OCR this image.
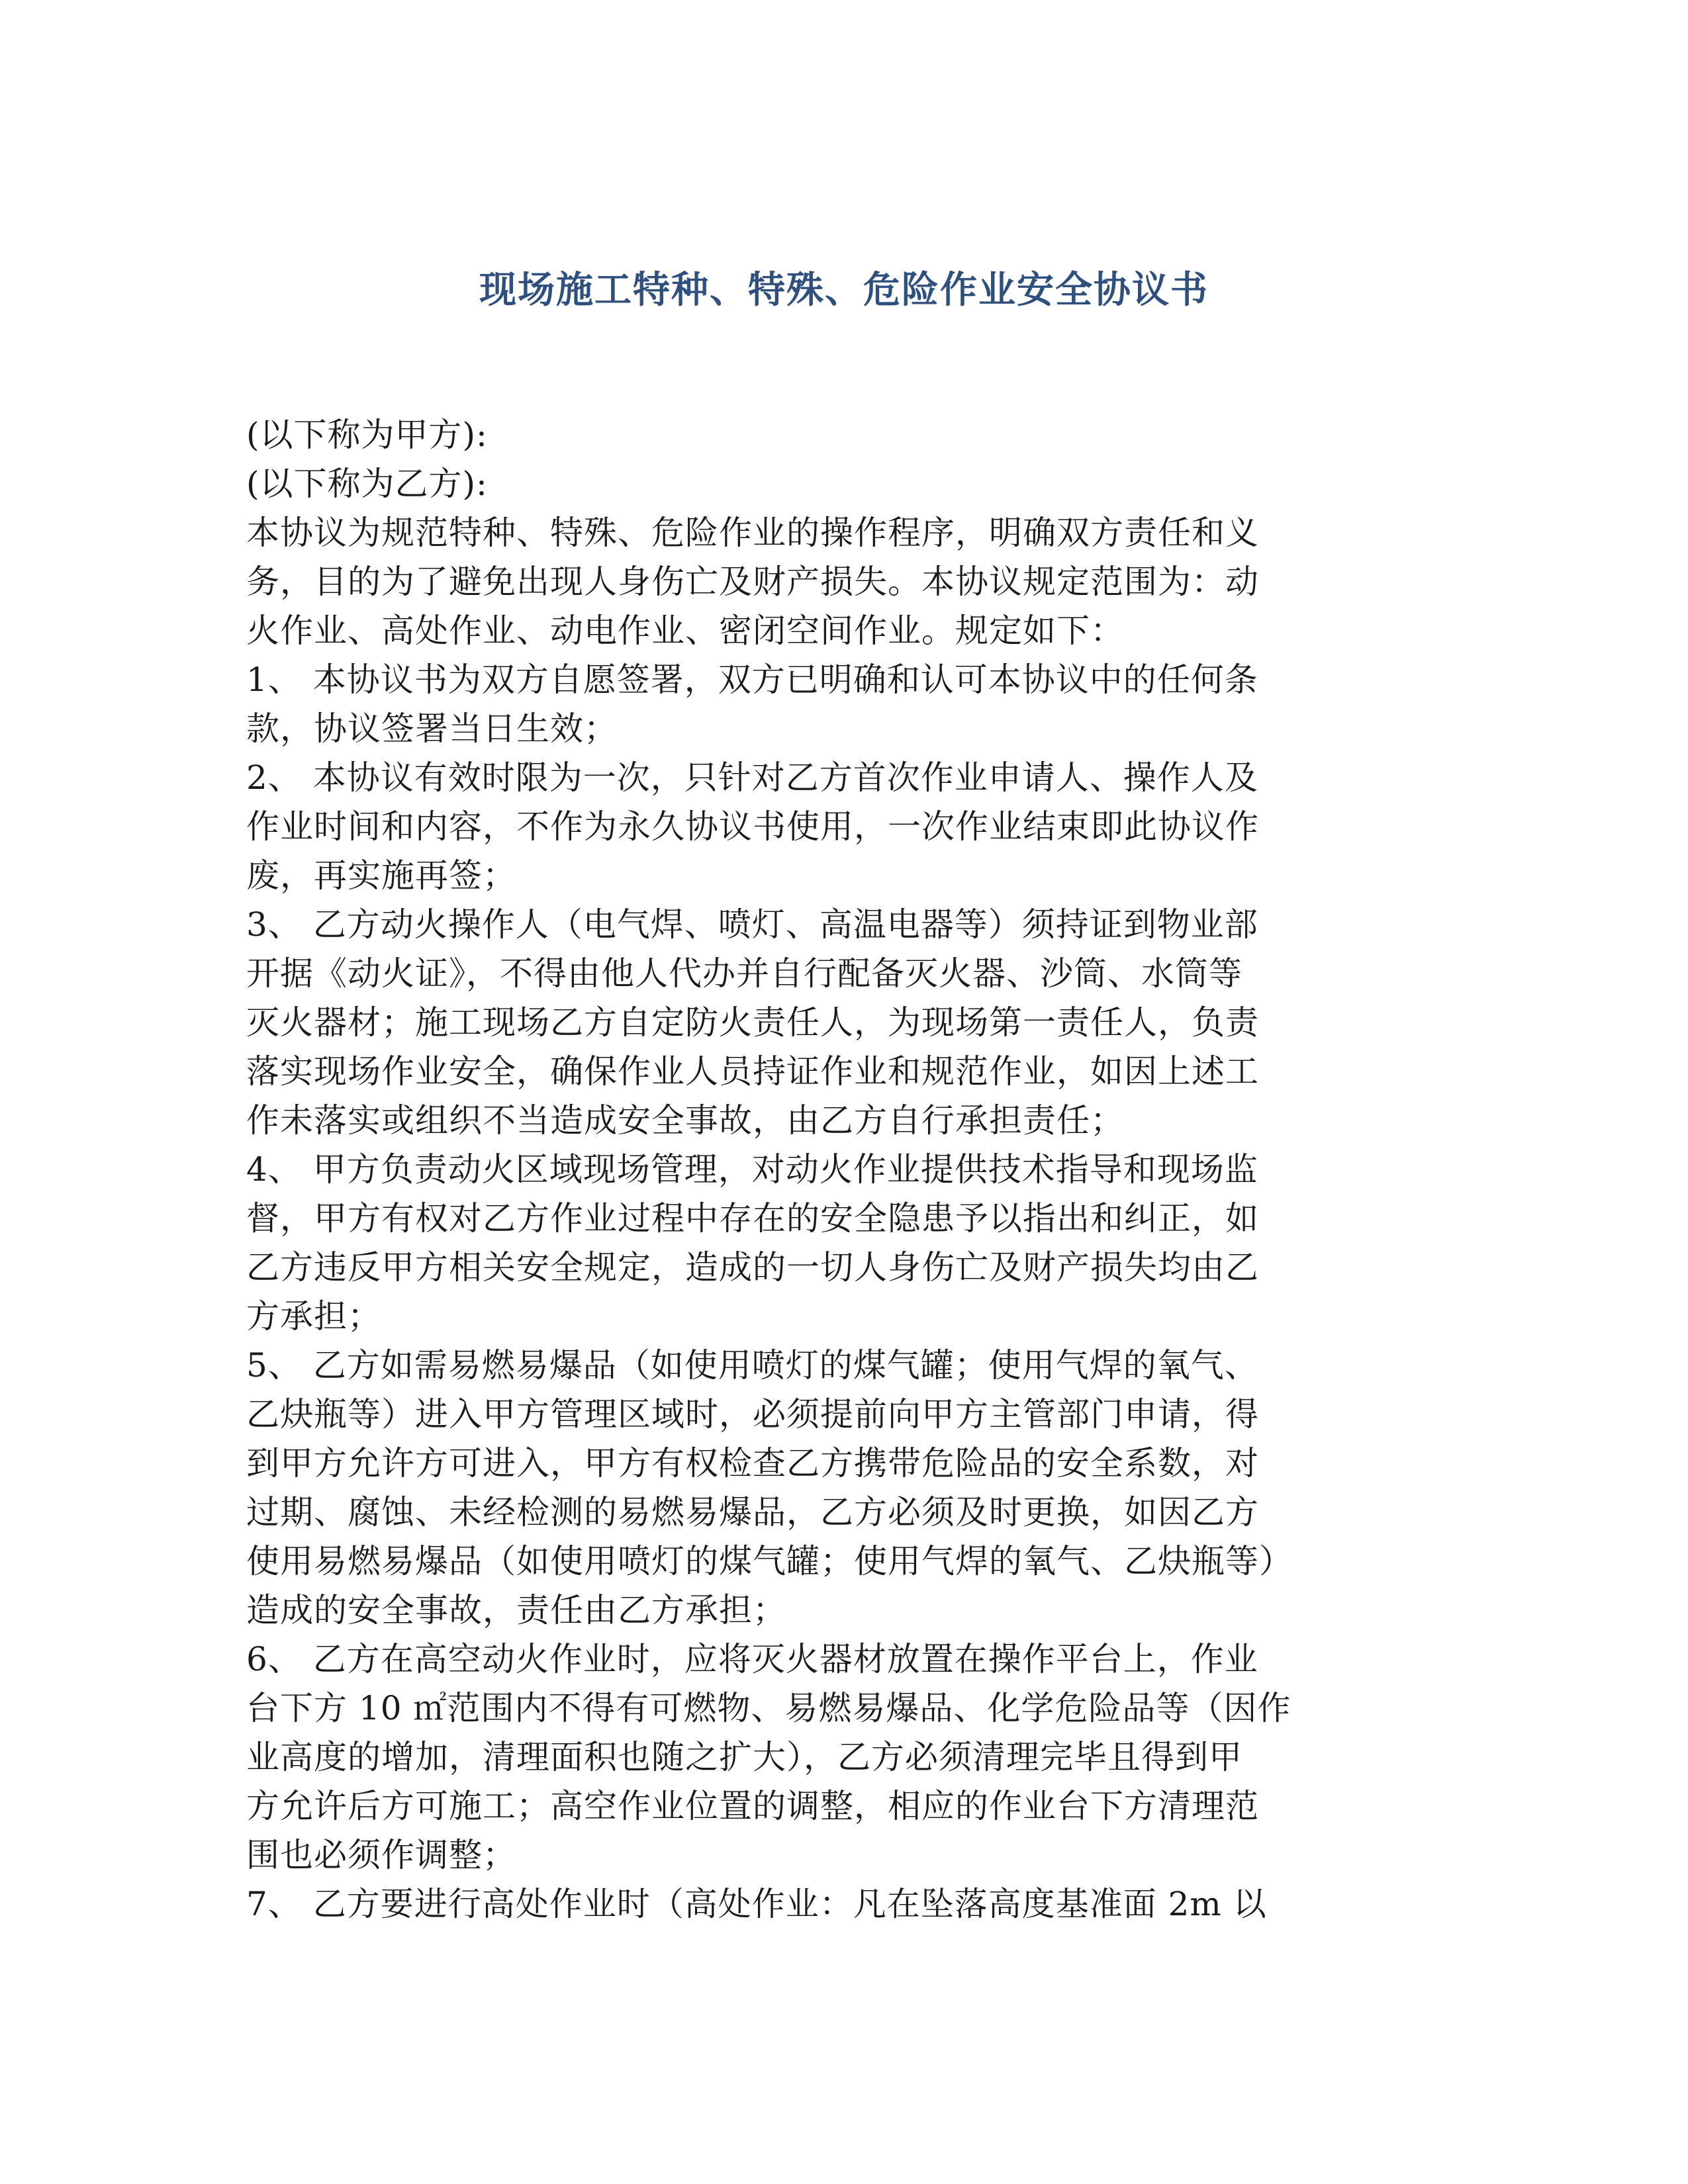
现场施工特种、特殊、危险作业安全协议书
(以下称为甲方):
(以下称为乙方):
本协议为规范特种、特殊、危险作业的操作程序，明确双方责任和义
务，目的为了避免出现人身伤亡及财产损失。本协议规定范围为：动
火作业、高处作业、动电作业、密闭空间作业。规定如下：
1、 本协议书为双方自愿签署，双方已明确和认可本协议中的任何条
款，协议签署当日生效；
2、 本协议有效时限为一次，只针对乙方首次作业申请人、操作人及
作业时间和内容，不作为永久协议书使用，一次作业结束即此协议作
废，再实施再签；
3、 乙方动火操作人（电气焊、喷灯、高温电器等）须持证到物业部
开据《动火证》，不得由他人代办并自行配备灭火器、沙筒、水筒等
灭火器材；施工现场乙方自定防火责任人，为现场第一责任人，负责
落实现场作业安全，确保作业人员持证作业和规范作业，如因上述工
作未落实或组织不当造成安全事故，由乙方自行承担责任；
4、 甲方负责动火区域现场管理，对动火作业提供技术指导和现场监
督，甲方有权对乙方作业过程中存在的安全隐患予以指出和纠正，如
乙方违反甲方相关安全规定，造成的一切人身伤亡及财产损失均由乙
方承担；
5、 乙方如需易燃易爆品（如使用喷灯的煤气罐；使用气焊的氧气、
乙炔瓶等）进入甲方管理区域时，必须提前向甲方主管部门申请，得
到甲方允许方可进入，甲方有权检查乙方携带危险品的安全系数，对
过期、腐蚀、未经检测的易燃易爆品，乙方必须及时更换，如因乙方
使用易燃易爆品（如使用喷灯的煤气罐；使用气焊的氧气、乙炔瓶等）
造成的安全事故，责任由乙方承担；
6、 乙方在高空动火作业时，应将灭火器材放置在操作平台上，作业
台下方 10 ㎡范围内不得有可燃物、易燃易爆品、化学危险品等（因作
业高度的增加，清理面积也随之扩大），乙方必须清理完毕且得到甲
方允许后方可施工；高空作业位置的调整，相应的作业台下方清理范
围也必须作调整；
7、 乙方要进行高处作业时（高处作业：凡在坠落高度基准面 2m 以
